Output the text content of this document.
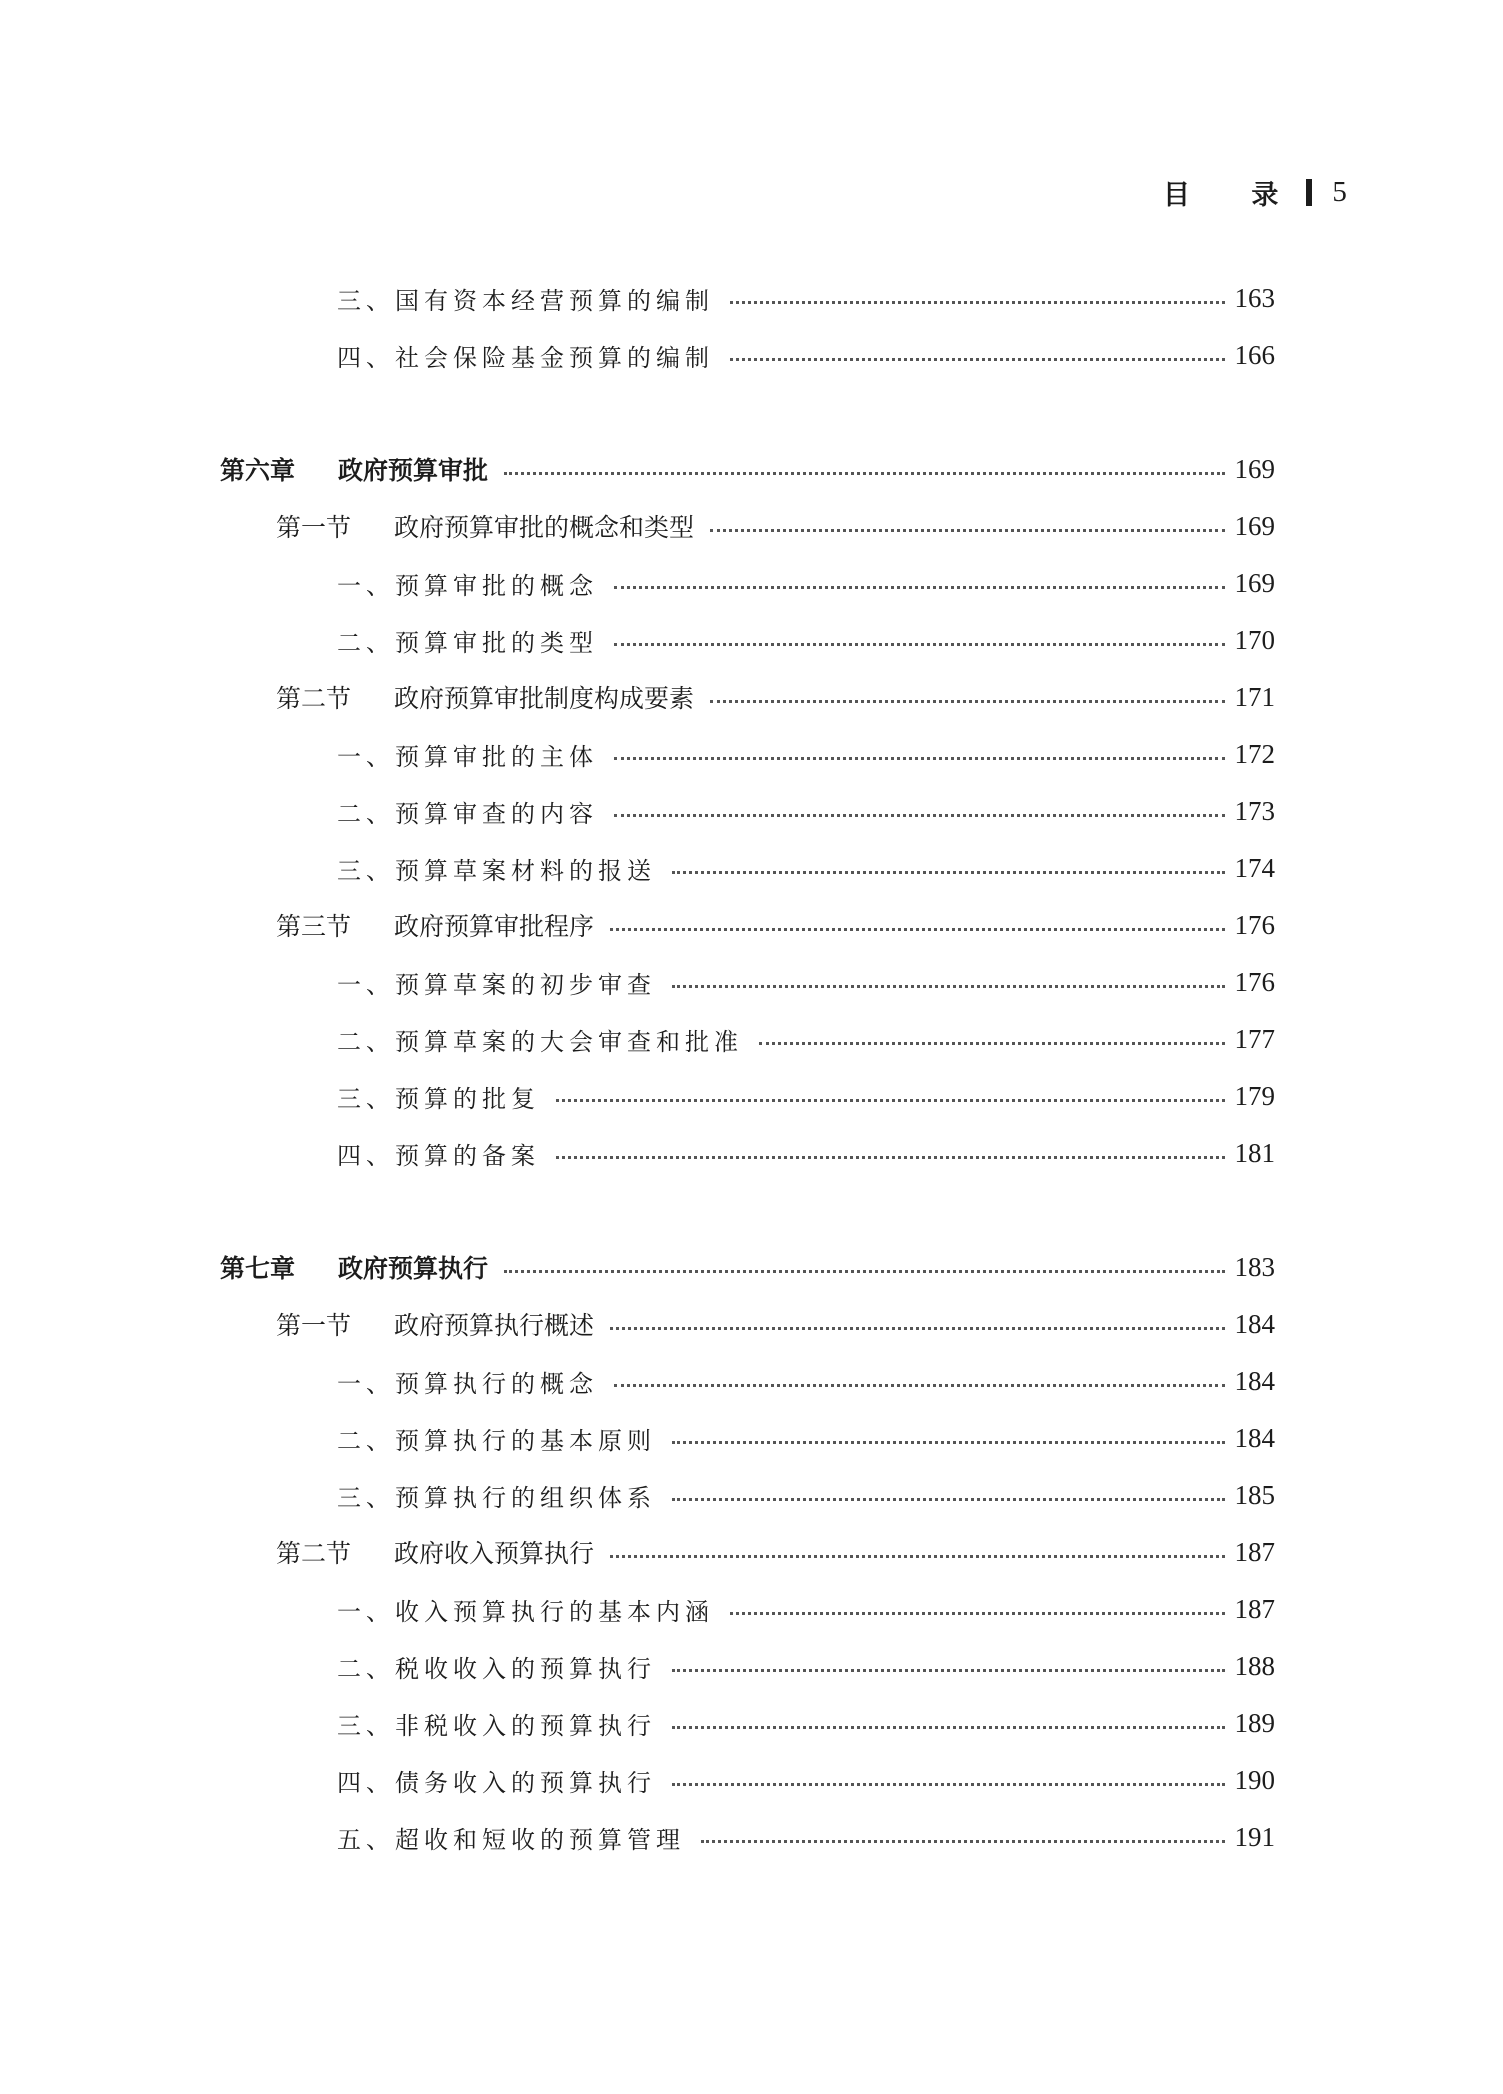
目 录 5
三、国有资本经营预算的编制	163
四、社会保险基金预算的编制	166
第六章 政府预算审批	169
第一节 政府预算审批的概念和类型	169
一、预算审批的概念	169
二、预算审批的类型	170
第二节 政府预算审批制度构成要素	171
一、预算审批的主体	172
二、预算审查的内容	173
三、预算草案材料的报送	174
第三节 政府预算审批程序	176
一、预算草案的初步审查	176
二、预算草案的大会审查和批准	177
三、预算的批复	179
四、预算的备案	181
第七章 政府预算执行	183
第一节 政府预算执行概述	184
一、预算执行的概念	184
二、预算执行的基本原则	184
三、预算执行的组织体系	185
第二节 政府收入预算执行	187
一、收入预算执行的基本内涵	187
二、税收收入的预算执行	188
三、非税收入的预算执行	189
四、债务收入的预算执行	190
五、超收和短收的预算管理	191
